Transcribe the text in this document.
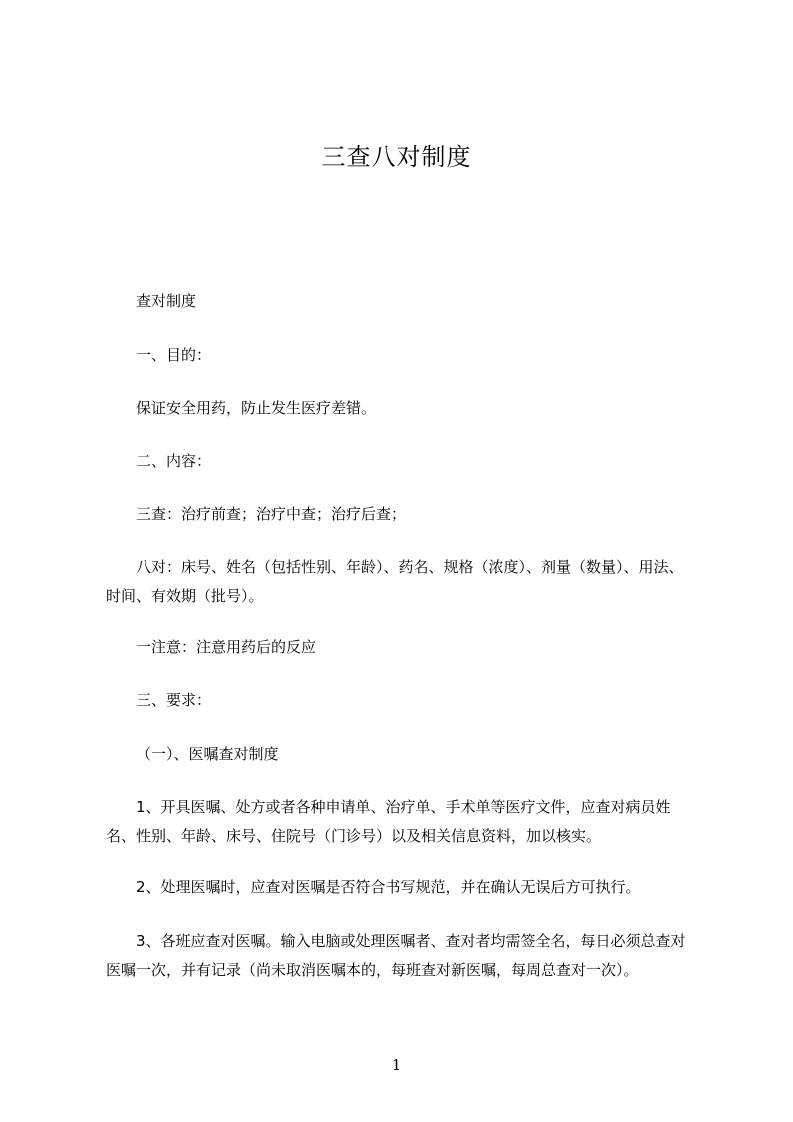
三查八对制度
查对制度
一、目的：
保证安全用药，防止发生医疗差错。
二、内容：
三查：治疗前查；治疗中查；治疗后查；
八对：床号、姓名（包括性别、年龄）、药名、规格（浓度）、剂量（数量）、用法、时间、有效期（批号）。
一注意：注意用药后的反应
三、要求：
（一）、医嘱查对制度
1、开具医嘱、处方或者各种申请单、治疗单、手术单等医疗文件，应查对病员姓名、性别、年龄、床号、住院号（门诊号）以及相关信息资料，加以核实。
2、处理医嘱时，应查对医嘱是否符合书写规范，并在确认无误后方可执行。
3、各班应查对医嘱。输入电脑或处理医嘱者、查对者均需签全名，每日必须总查对医嘱一次，并有记录（尚未取消医嘱本的，每班查对新医嘱，每周总查对一次）。
1
